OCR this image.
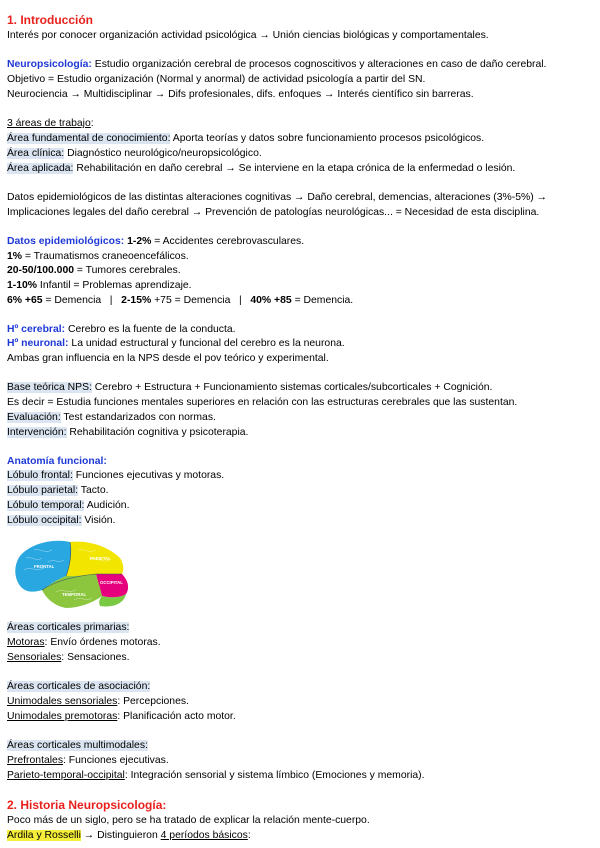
1. Introducción
Interés por conocer organización actividad psicológica → Unión ciencias biológicas y comportamentales.
Neuropsicología: Estudio organización cerebral de procesos cognoscitivos y alteraciones en caso de daño cerebral.
Objetivo = Estudio organización (Normal y anormal) de actividad psicología a partir del SN.
Neurociencia → Multidisciplinar → Difs profesionales, difs. enfoques → Interés científico sin barreras.
3 áreas de trabajo:
Área fundamental de conocimiento: Aporta teorías y datos sobre funcionamiento procesos psicológicos.
Área clínica: Diagnóstico neurológico/neuropsicológico.
Área aplicada: Rehabilitación en daño cerebral → Se interviene en la etapa crónica de la enfermedad o lesión.
Datos epidemiológicos de las distintas alteraciones cognitivas → Daño cerebral, demencias, alteraciones (3%-5%) →
Implicaciones legales del daño cerebral → Prevención de patologías neurológicas... = Necesidad de esta disciplina.
Datos epidemiológicos: 1-2% = Accidentes cerebrovasculares.
1% = Traumatismos craneoencefálicos.
20-50/100.000 = Tumores cerebrales.
1-10% Infantil = Problemas aprendizaje.
6% +65 = Demencia   |   2-15% +75 = Demencia   |   40% +85 = Demencia.
Hº cerebral: Cerebro es la fuente de la conducta.
Hº neuronal: La unidad estructural y funcional del cerebro es la neurona.
Ambas gran influencia en la NPS desde el pov teórico y experimental.
Base teórica NPS: Cerebro + Estructura + Funcionamiento sistemas corticales/subcorticales + Cognición.
Es decir = Estudia funciones mentales superiores en relación con las estructuras cerebrales que las sustentan.
Evaluación: Test estandarizados con normas.
Intervención: Rehabilitación cognitiva y psicoterapia.
Anatomía funcional:
Lóbulo frontal: Funciones ejecutivas y motoras.
Lóbulo parietal: Tacto.
Lóbulo temporal: Audición.
Lóbulo occipital: Visión.
FRONTAL
PARIETAL
OCCIPITAL
TEMPORAL
Áreas corticales primarias:
Motoras: Envío órdenes motoras.
Sensoriales: Sensaciones.
Áreas corticales de asociación:
Unimodales sensoriales: Percepciones.
Unimodales premotoras: Planificación acto motor.
Áreas corticales multimodales:
Prefrontales: Funciones ejecutivas.
Parieto-temporal-occipital: Integración sensorial y sistema límbico (Emociones y memoria).
2. Historia Neuropsicología:
Poco más de un siglo, pero se ha tratado de explicar la relación mente-cuerpo.
Ardila y Rosselli → Distinguieron 4 períodos básicos:
